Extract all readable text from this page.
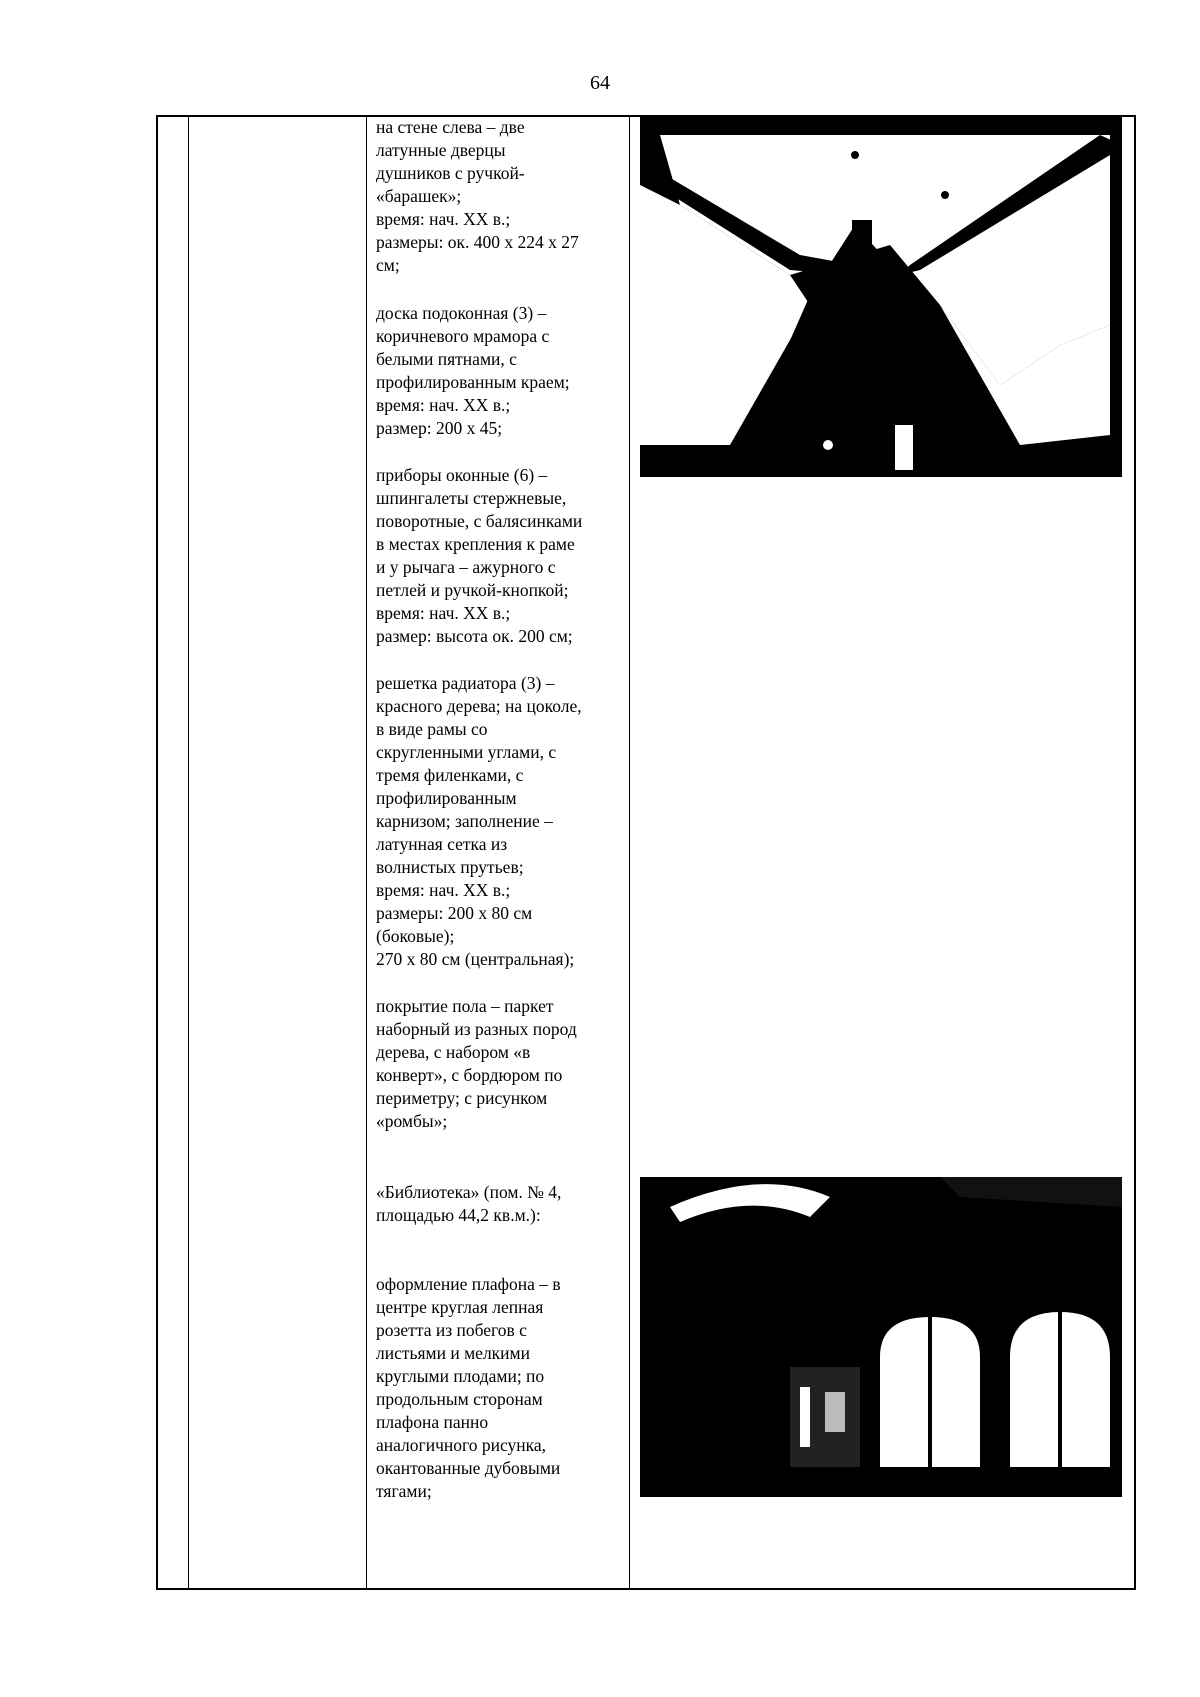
64

на стене слева – две
латунные дверцы
душников с ручкой-
«барашек»;
время: нач. XX в.;
размеры: ок. 400 х 224 х 27
см;

доска подоконная (3) –
коричневого мрамора с
белыми пятнами, с
профилированным краем;
время: нач. XX в.;
размер: 200 х 45;

приборы оконные (6) –
шпингалеты стержневые,
поворотные, с балясинками
в местах крепления к раме
и у рычага – ажурного с
петлей и ручкой-кнопкой;
время: нач. XX в.;
размер: высота ок. 200 см;

решетка радиатора (3) –
красного дерева; на цоколе,
в виде рамы со
скругленными углами, с
тремя филенками, с
профилированным
карнизом; заполнение –
латунная сетка из
волнистых прутьев;
время: нач. XX в.;
размеры: 200 х 80 см
(боковые);
270 х 80 см (центральная);

покрытие пола – паркет
наборный из разных пород
дерева, с набором «в
конверт», с бордюром по
периметру; с рисунком
«ромбы»;

«Библиотека» (пом. № 4,
площадью 44,2 кв.м.):

оформление плафона – в
центре круглая лепная
розетта из побегов с
листьями и мелкими
круглыми плодами; по
продольным сторонам
плафона панно
аналогичного рисунка,
окантованные дубовыми
тягами;
